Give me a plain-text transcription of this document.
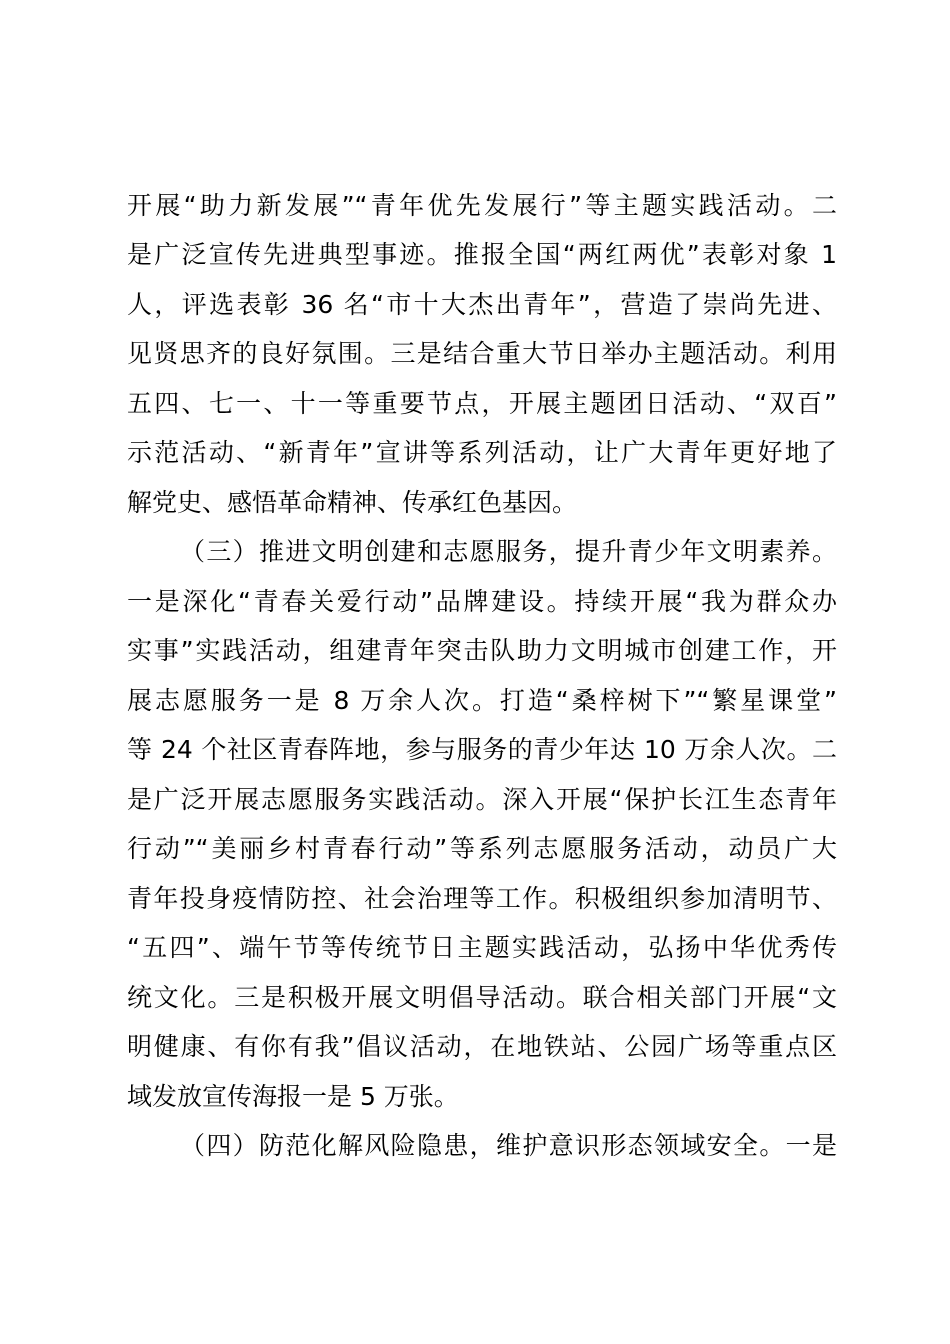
开展“助力新发展”“青年优先发展行”等主题实践活动。二
是广泛宣传先进典型事迹。推报全国“两红两优”表彰对象 1
人，评选表彰 36 名“市十大杰出青年”，营造了崇尚先进、
见贤思齐的良好氛围。三是结合重大节日举办主题活动。利用
五四、七一、十一等重要节点，开展主题团日活动、“双百”
示范活动、“新青年”宣讲等系列活动，让广大青年更好地了
解党史、感悟革命精神、传承红色基因。
（三）推进文明创建和志愿服务，提升青少年文明素养。
一是深化“青春关爱行动”品牌建设。持续开展“我为群众办
实事”实践活动，组建青年突击队助力文明城市创建工作，开
展志愿服务一是 8 万余人次。打造“桑梓树下”“繁星课堂”
等 24 个社区青春阵地，参与服务的青少年达 10 万余人次。二
是广泛开展志愿服务实践活动。深入开展“保护长江生态青年
行动”“美丽乡村青春行动”等系列志愿服务活动，动员广大
青年投身疫情防控、社会治理等工作。积极组织参加清明节、
“五四”、端午节等传统节日主题实践活动，弘扬中华优秀传
统文化。三是积极开展文明倡导活动。联合相关部门开展“文
明健康、有你有我”倡议活动，在地铁站、公园广场等重点区
域发放宣传海报一是 5 万张。
（四）防范化解风险隐患，维护意识形态领域安全。一是
